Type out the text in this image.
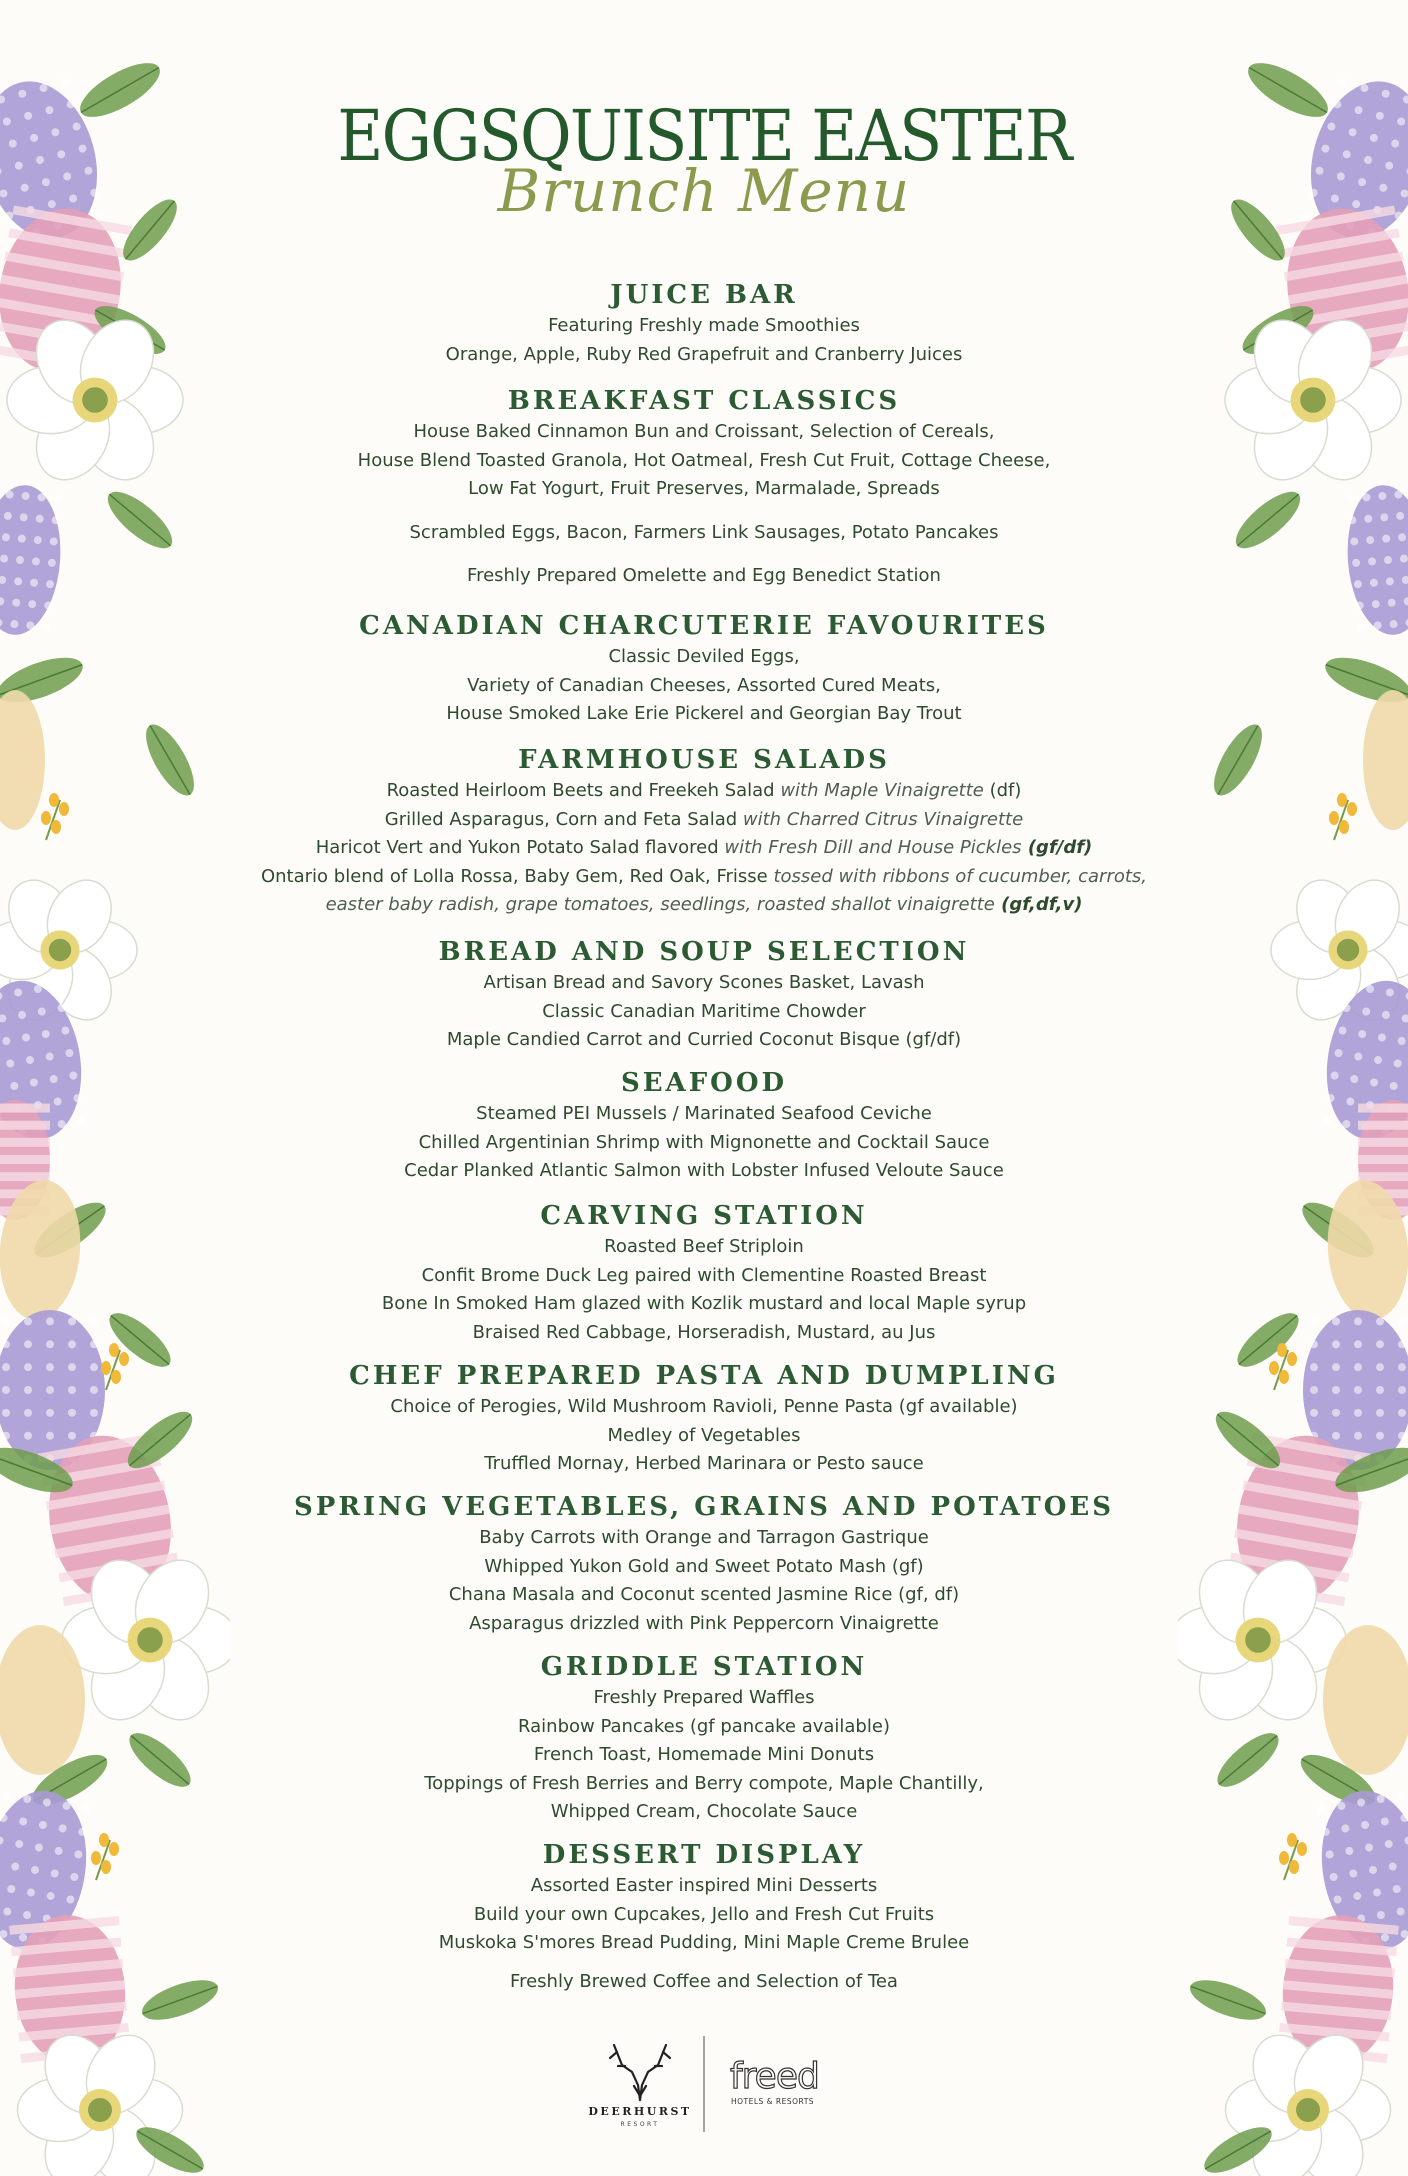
EGGSQUISITE EASTER
Brunch Menu
JUICE BAR
Featuring Freshly made Smoothies
Orange, Apple, Ruby Red Grapefruit and Cranberry Juices
BREAKFAST CLASSICS
House Baked Cinnamon Bun and Croissant, Selection of Cereals,
House Blend Toasted Granola, Hot Oatmeal, Fresh Cut Fruit, Cottage Cheese,
Low Fat Yogurt, Fruit Preserves, Marmalade, Spreads
Scrambled Eggs, Bacon, Farmers Link Sausages, Potato Pancakes
Freshly Prepared Omelette and Egg Benedict Station
CANADIAN CHARCUTERIE FAVOURITES
Classic Deviled Eggs,
Variety of Canadian Cheeses, Assorted Cured Meats,
House Smoked Lake Erie Pickerel and Georgian Bay Trout
FARMHOUSE SALADS
Roasted Heirloom Beets and Freekeh Salad with Maple Vinaigrette (df)
Grilled Asparagus, Corn and Feta Salad with Charred Citrus Vinaigrette
Haricot Vert and Yukon Potato Salad flavored with Fresh Dill and House Pickles (gf/df)
Ontario blend of Lolla Rossa, Baby Gem, Red Oak, Frisse tossed with ribbons of cucumber, carrots,
easter baby radish, grape tomatoes, seedlings, roasted shallot vinaigrette (gf,df,v)
BREAD AND SOUP SELECTION
Artisan Bread and Savory Scones Basket, Lavash
Classic Canadian Maritime Chowder
Maple Candied Carrot and Curried Coconut Bisque (gf/df)
SEAFOOD
Steamed PEI Mussels / Marinated Seafood Ceviche
Chilled Argentinian Shrimp with Mignonette and Cocktail Sauce
Cedar Planked Atlantic Salmon with Lobster Infused Veloute Sauce
CARVING STATION
Roasted Beef Striploin
Confit Brome Duck Leg paired with Clementine Roasted Breast
Bone In Smoked Ham glazed with Kozlik mustard and local Maple syrup
Braised Red Cabbage, Horseradish, Mustard, au Jus
CHEF PREPARED PASTA AND DUMPLING
Choice of Perogies, Wild Mushroom Ravioli, Penne Pasta (gf available)
Medley of Vegetables
Truffled Mornay, Herbed Marinara or Pesto sauce
SPRING VEGETABLES, GRAINS AND POTATOES
Baby Carrots with Orange and Tarragon Gastrique
Whipped Yukon Gold and Sweet Potato Mash (gf)
Chana Masala and Coconut scented Jasmine Rice (gf, df)
Asparagus drizzled with Pink Peppercorn Vinaigrette
GRIDDLE STATION
Freshly Prepared Waffles
Rainbow Pancakes (gf pancake available)
French Toast, Homemade Mini Donuts
Toppings of Fresh Berries and Berry compote, Maple Chantilly,
Whipped Cream, Chocolate Sauce
DESSERT DISPLAY
Assorted Easter inspired Mini Desserts
Build your own Cupcakes, Jello and Fresh Cut Fruits
Muskoka S'mores Bread Pudding, Mini Maple Creme Brulee
Freshly Brewed Coffee and Selection of Tea
DEERHURST
RESORT
freed
HOTELS & RESORTS
